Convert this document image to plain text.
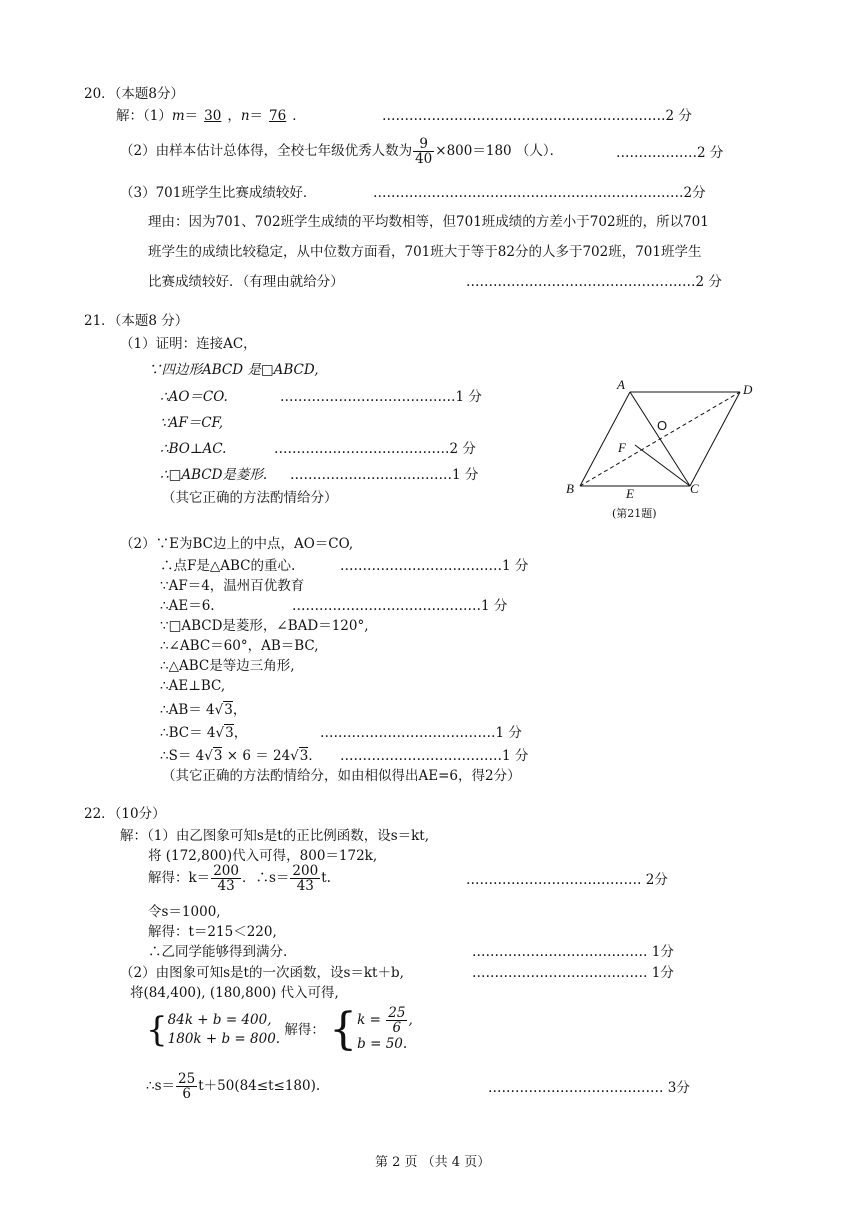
20．（本题8分）
解：（1）m＝ 30 ，n＝ 76 ．	………………………………………………………2 分
（2）由样本估计总体得，全校七年级优秀人数为 $\frac{9}{40} \times 800=180$ （人）．	………………2 分
（3）701班学生比赛成绩较好．	……………………………………………………………2分
理由：因为701、702班学生成绩的平均数相等，但701班成绩的方差小于702班的，所以701
班学生的成绩比较稳定，从中位数方面看，701班大于等于82分的人多于702班，701班学生
比赛成绩较好．（有理由就给分）	……………………………………………2 分
21．（本题8 分）
（1）证明：连接AC，
∵四边形ABCD 是□ABCD,
∴AO＝CO.	…………………………………1 分
∵AF＝CF,
∴BO⊥AC.	…………………………………2 分
∴□ABCD是菱形. ………………………………1 分
（其它正确的方法酌情给分）
A	D
O
F
B	E	C
(第21题)
（2）∵E为BC边上的中点，AO＝CO,
∴点F是△ABC的重心.	………………………………1 分
∵AF＝4，温州百优教育
∴AE＝6.	……………………………………1 分
∵□ABCD是菱形，∠BAD＝120°,
∴∠ABC＝60°，AB＝BC,
∴△ABC是等边三角形,
∴AE⊥BC,
∴AB＝ 4√3，
∴BC＝ 4√3，	…………………………………1 分
∴S＝ 4√3 × 6 ＝ 24√3． ………………………………1 分
（其它正确的方法酌情给分，如由相似得出AE=6，得2分）
22．（10分）
解：（1）由乙图象可知s是t的正比例函数，设s＝kt,
将 (172,800)代入可得，800＝172k,
解得：$k= \frac{200}{43}$ ．∴s＝ $\frac{200}{43} t$.	………………………………… 2分
令s＝1000,
解得：t＝215＜220,
∴乙同学能够得到满分.	………………………………… 1分
（2）由图象可知s是t的一次函数，设s＝kt＋b,	………………………………… 1分
将(84,400), (180,800) 代入可得,
{ 84k + b = 400,
180k + b = 800.
解得： { $k = \frac{25}{6}$ ,
b = 50.
∴s＝ $\frac{25}{6} t+50(84\le t\le 180)$.	………………………………… 3分
第 2 页 （共 4 页）
